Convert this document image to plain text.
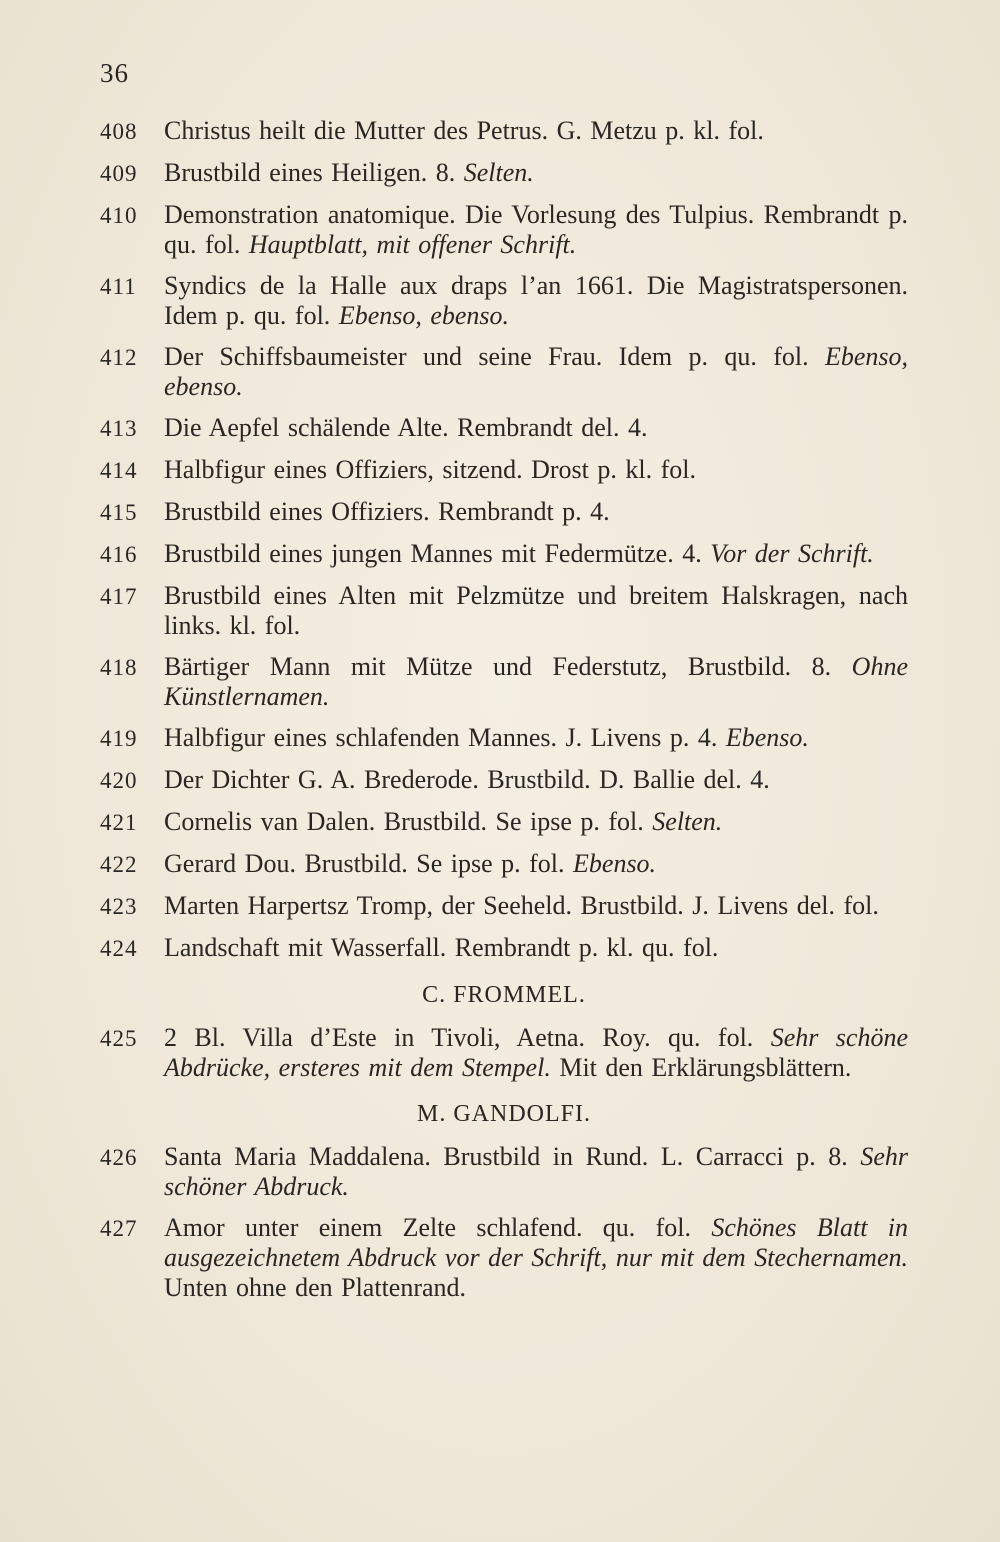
36
408	Christus heilt die Mutter des Petrus. G. Metzu p. kl. fol.
409	Brustbild eines Heiligen. 8. Selten.
410	Demonstration anatomique. Die Vorlesung des Tulpius. Rembrandt p. qu. fol. Hauptblatt, mit offener Schrift.
411	Syndics de la Halle aux draps l’an 1661. Die Magistratspersonen. Idem p. qu. fol. Ebenso, ebenso.
412	Der Schiffsbaumeister und seine Frau. Idem p. qu. fol. Ebenso, ebenso.
413	Die Aepfel schälende Alte. Rembrandt del. 4.
414	Halbfigur eines Offiziers, sitzend. Drost p. kl. fol.
415	Brustbild eines Offiziers. Rembrandt p. 4.
416	Brustbild eines jungen Mannes mit Federmütze. 4. Vor der Schrift.
417	Brustbild eines Alten mit Pelzmütze und breitem Halskragen, nach links. kl. fol.
418	Bärtiger Mann mit Mütze und Federstutz, Brustbild. 8. Ohne Künstlernamen.
419	Halbfigur eines schlafenden Mannes. J. Livens p. 4. Ebenso.
420	Der Dichter G. A. Brederode. Brustbild. D. Ballie del. 4.
421	Cornelis van Dalen. Brustbild. Se ipse p. fol. Selten.
422	Gerard Dou. Brustbild. Se ipse p. fol. Ebenso.
423	Marten Harpertsz Tromp, der Seeheld. Brustbild. J. Livens del. fol.
424	Landschaft mit Wasserfall. Rembrandt p. kl. qu. fol.
C. FROMMEL.
425	2 Bl. Villa d’Este in Tivoli, Aetna. Roy. qu. fol. Sehr schöne Abdrücke, ersteres mit dem Stempel. Mit den Erklärungsblättern.
M. GANDOLFI.
426	Santa Maria Maddalena. Brustbild in Rund. L. Carracci p. 8. Sehr schöner Abdruck.
427	Amor unter einem Zelte schlafend. qu. fol. Schönes Blatt in ausgezeichnetem Abdruck vor der Schrift, nur mit dem Stechernamen. Unten ohne den Plattenrand.
